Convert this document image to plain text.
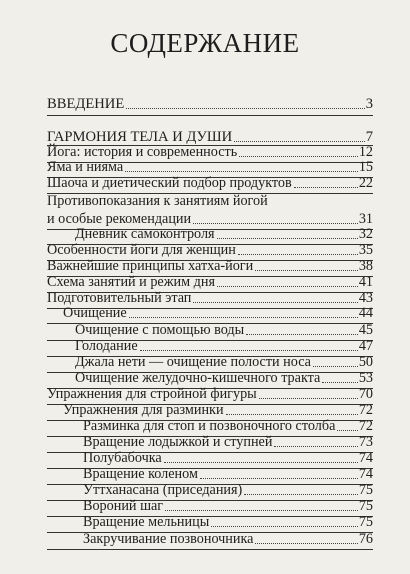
СОДЕРЖАНИЕ
ВВЕДЕНИЕ	3
ГАРМОНИЯ ТЕЛА И ДУШИ	7
Йога: история и современность	12
Яма и нияма	15
Шаоча и диетический подбор продуктов	22
Противопоказания к занятиям йогой
и особые рекомендации	31
Дневник самоконтроля	32
Особенности йоги для женщин	35
Важнейшие принципы хатха-йоги	38
Схема занятий и режим дня	41
Подготовительный этап	43
Очищение	44
Очищение с помощью воды	45
Голодание	47
Джала нети — очищение полости носа	50
Очищение желудочно-кишечного тракта	53
Упражнения для стройной фигуры	70
Упражнения для разминки	72
Разминка для стоп и позвоночного столба 72
Вращение лодыжкой и ступней	73
Полубабочка	74
Вращение коленом	74
Уттханасана (приседания)	75
Вороний шаг	75
Вращение мельницы	75
Закручивание позвоночника	76
